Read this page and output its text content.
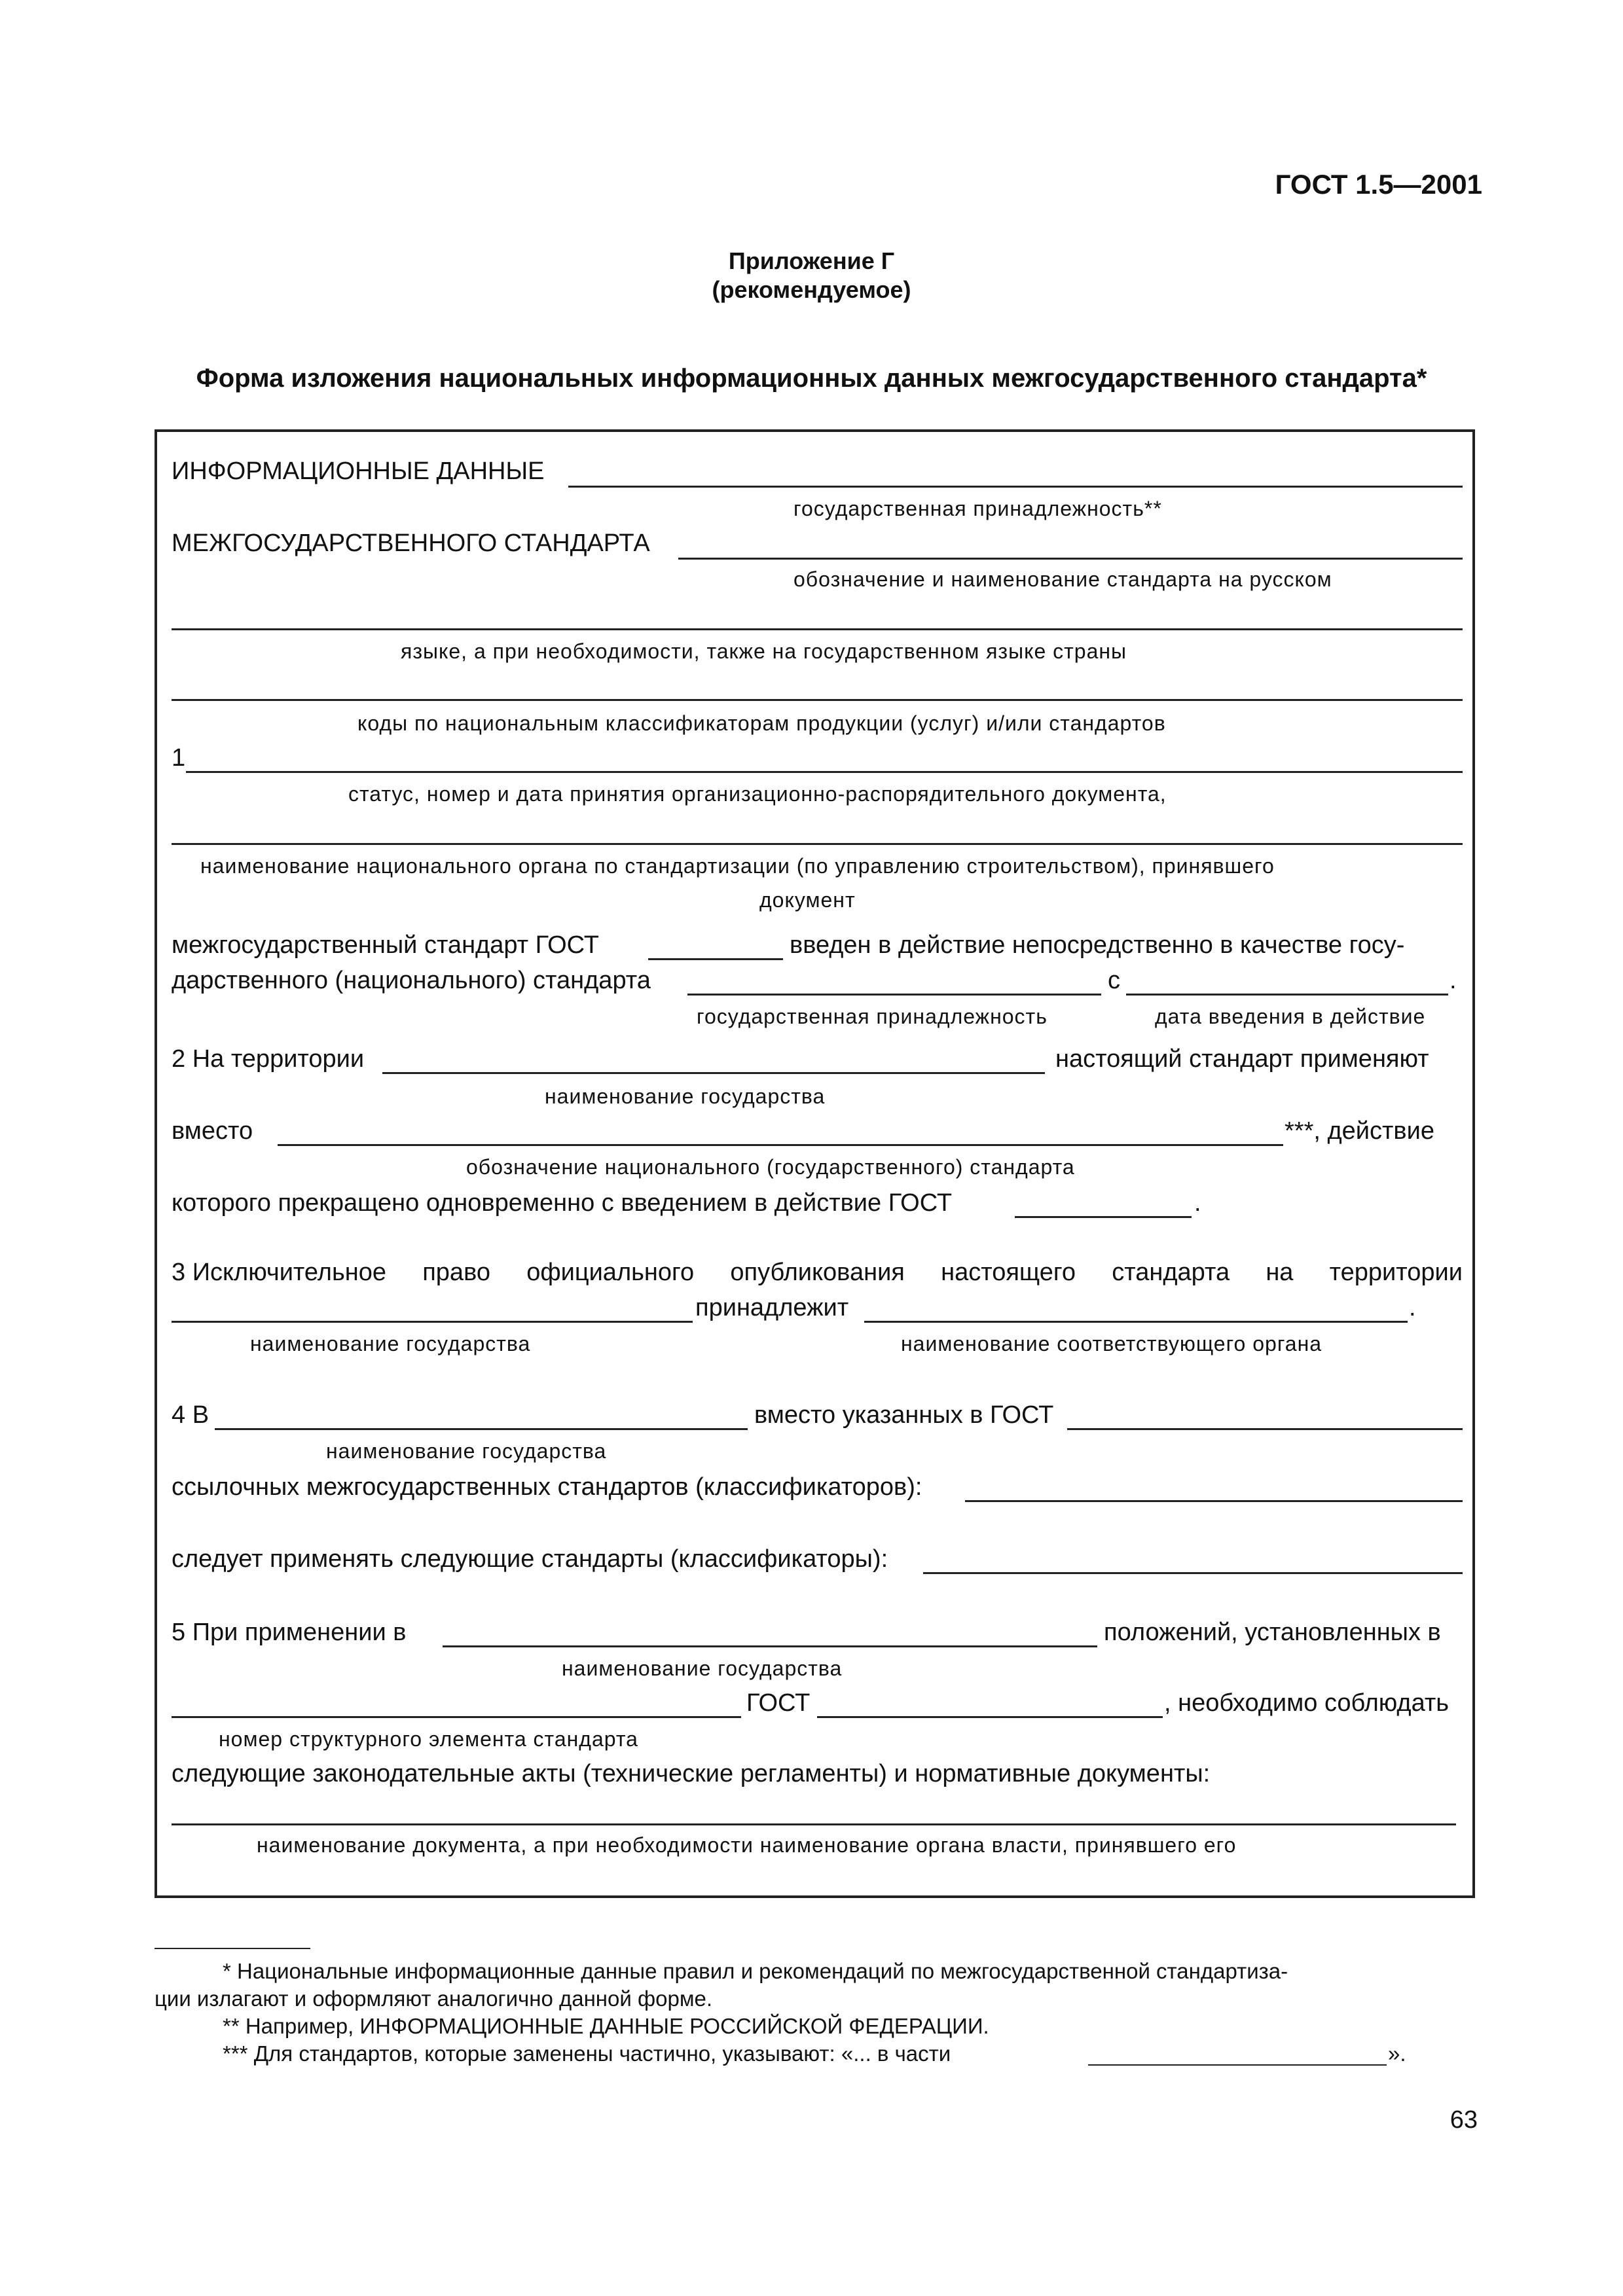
ГОСТ 1.5—2001
Приложение Г
(рекомендуемое)
Форма изложения национальных информационных данных межгосударственного стандарта*
ИНФОРМАЦИОННЫЕ ДАННЫЕ
государственная принадлежность**
МЕЖГОСУДАРСТВЕННОГО СТАНДАРТА
обозначение и наименование стандарта на русском
языке, а при необходимости, также на государственном языке страны
коды по национальным классификаторам продукции (услуг) и/или стандартов
1
статус, номер и дата принятия организационно-распорядительного документа,
наименование национального органа по стандартизации (по управлению строительством), принявшего
документ
межгосударственный стандарт ГОСТ	введен в действие непосредственно в качестве госу-
дарственного (национального) стандарта	с	.
государственная принадлежность	дата введения в действие
2 На территории	настоящий стандарт применяют
наименование государства
вместо	***, действие
обозначение национального (государственного) стандарта
которого прекращено одновременно с введением в действие ГОСТ	.
3 Исключительное право официального опубликования настоящего стандарта на территории
принадлежит	.
наименование государства	наименование соответствующего органа
4 В	вместо указанных в ГОСТ
наименование государства
ссылочных межгосударственных стандартов (классификаторов):
следует применять следующие стандарты (классификаторы):
5 При применении в	положений, установленных в
наименование государства
ГОСТ	, необходимо соблюдать
номер структурного элемента стандарта
следующие законодательные акты (технические регламенты) и нормативные документы:
наименование документа, а при необходимости наименование органа власти, принявшего его
* Национальные информационные данные правил и рекомендаций по межгосударственной стандартиза-
ции излагают и оформляют аналогично данной форме.
** Например, ИНФОРМАЦИОННЫЕ ДАННЫЕ РОССИЙСКОЙ ФЕДЕРАЦИИ.
*** Для стандартов, которые заменены частично, указывают: «... в части	».
63
